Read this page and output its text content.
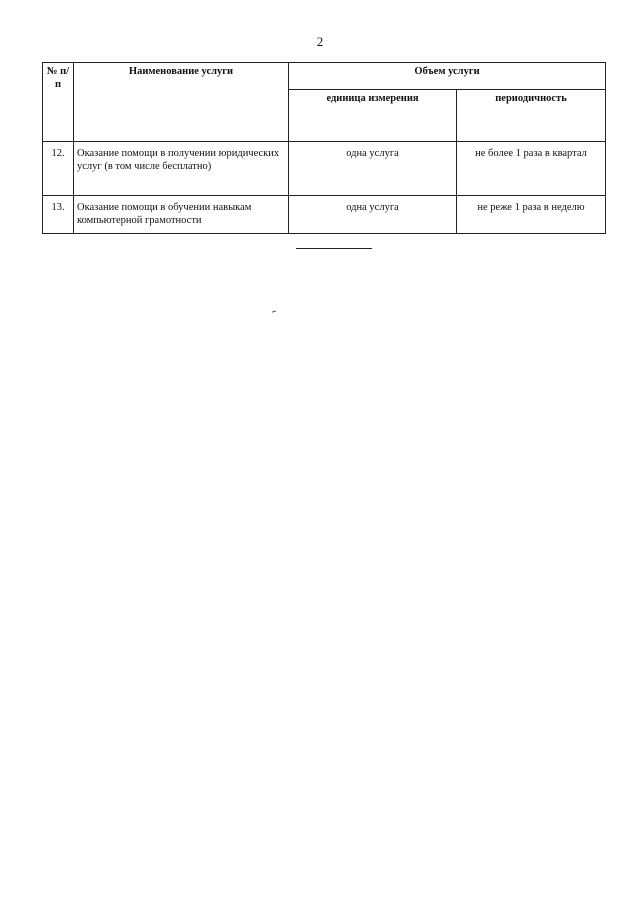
2
№ п/п	Наименование услуги	Объем услуги	
		единица измерения	периодичность
12.	Оказание помощи в получении юридических услуг (в том числе бесплатно)	одна услуга	не более 1 раза в квартал
13.	Оказание помощи в обучении навыкам компьютерной грамотности	одна услуга	не реже 1 раза в неделю
